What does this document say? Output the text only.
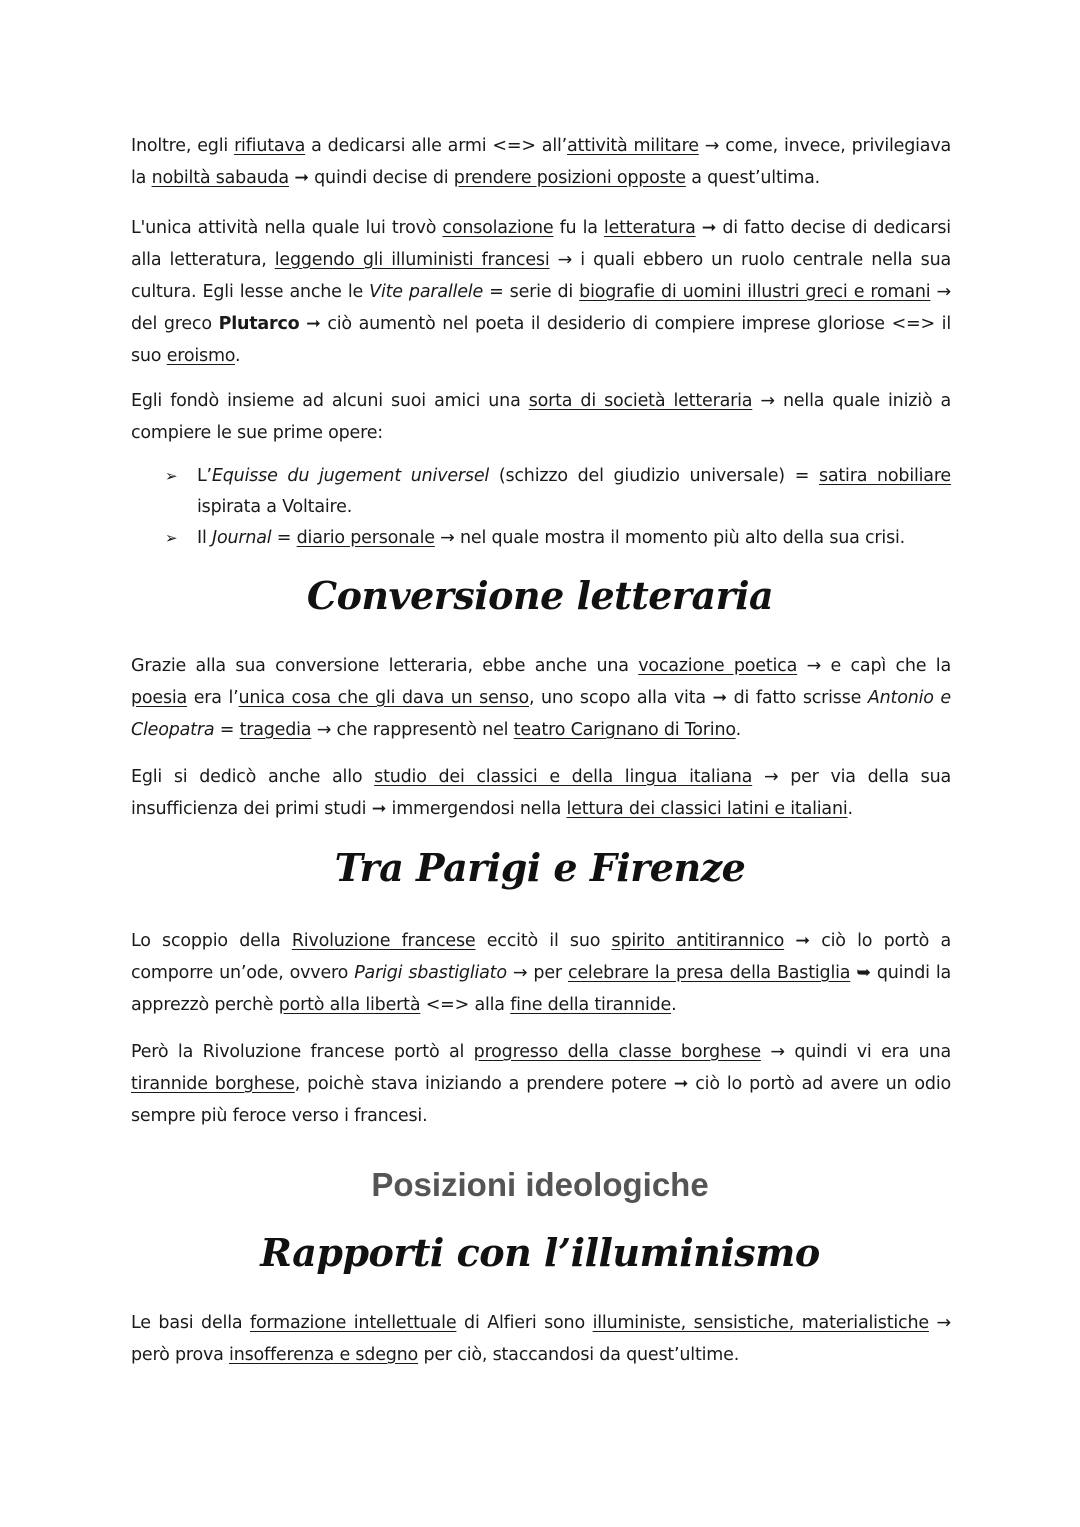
Inoltre, egli rifiutava a dedicarsi alle armi <=> all’attività militare → come, invece, privilegiava la nobiltà sabauda ➞ quindi decise di prendere posizioni opposte a quest’ultima.

L'unica attività nella quale lui trovò consolazione fu la letteratura ➞ di fatto decise di dedicarsi alla letteratura, leggendo gli illuministi francesi → i quali ebbero un ruolo centrale nella sua cultura. Egli lesse anche le Vite parallele = serie di biografie di uomini illustri greci e romani → del greco Plutarco ➞ ciò aumentò nel poeta il desiderio di compiere imprese gloriose <=> il suo eroismo.

Egli fondò insieme ad alcuni suoi amici una sorta di società letteraria → nella quale iniziò a compiere le sue prime opere:

➢ L’Equisse du jugement universel (schizzo del giudizio universale) = satira nobiliare ispirata a Voltaire.
➢ Il Journal = diario personale → nel quale mostra il momento più alto della sua crisi.
Conversione letteraria

Grazie alla sua conversione letteraria, ebbe anche una vocazione poetica → e capì che la poesia era l’unica cosa che gli dava un senso, uno scopo alla vita ➞ di fatto scrisse Antonio e Cleopatra = tragedia → che rappresentò nel teatro Carignano di Torino.

Egli si dedicò anche allo studio dei classici e della lingua italiana → per via della sua insufficienza dei primi studi ➞ immergendosi nella lettura dei classici latini e italiani.

Tra Parigi e Firenze

Lo scoppio della Rivoluzione francese eccitò il suo spirito antitirannico ➞ ciò lo portò a comporre un’ode, ovvero Parigi sbastigliato → per celebrare la presa della Bastiglia ➥ quindi la apprezzò perchè portò alla libertà <=> alla fine della tirannide.

Però la Rivoluzione francese portò al progresso della classe borghese → quindi vi era una tirannide borghese, poichè stava iniziando a prendere potere ➞ ciò lo portò ad avere un odio sempre più feroce verso i francesi.

Posizioni ideologiche
Rapporti con l’illuminismo

Le basi della formazione intellettuale di Alfieri sono illuministe, sensistiche, materialistiche → però prova insofferenza e sdegno per ciò, staccandosi da quest’ultime.
